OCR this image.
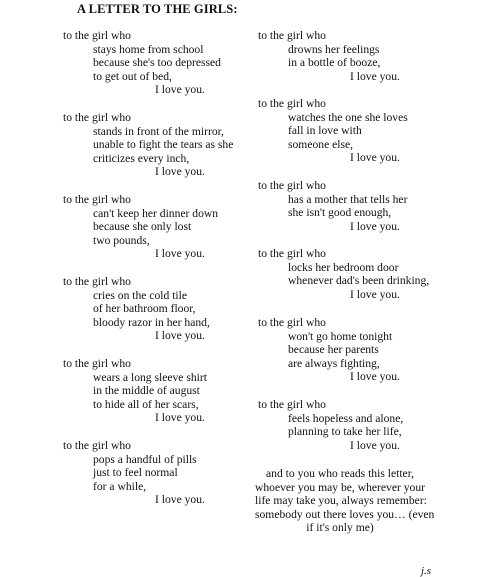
A LETTER TO THE GIRLS:
to the girl who
stays home from school
because she's too depressed
to get out of bed,
I love you.
to the girl who
stands in front of the mirror,
unable to fight the tears as she
criticizes every inch,
I love you.
to the girl who
can't keep her dinner down
because she only lost
two pounds,
I love you.
to the girl who
cries on the cold tile
of her bathroom floor,
bloody razor in her hand,
I love you.
to the girl who
wears a long sleeve shirt
in the middle of august
to hide all of her scars,
I love you.
to the girl who
pops a handful of pills
just to feel normal
for a while,
I love you.
to the girl who
drowns her feelings
in a bottle of booze,
I love you.
to the girl who
watches the one she loves
fall in love with
someone else,
I love you.
to the girl who
has a mother that tells her
she isn't good enough,
I love you.
to the girl who
locks her bedroom door
whenever dad's been drinking,
I love you.
to the girl who
won't go home tonight
because her parents
are always fighting,
I love you.
to the girl who
feels hopeless and alone,
planning to take her life,
I love you.
and to you who reads this letter,
whoever you may be, wherever your
life may take you, always remember:
somebody out there loves you… (even
if it's only me)
j.s
